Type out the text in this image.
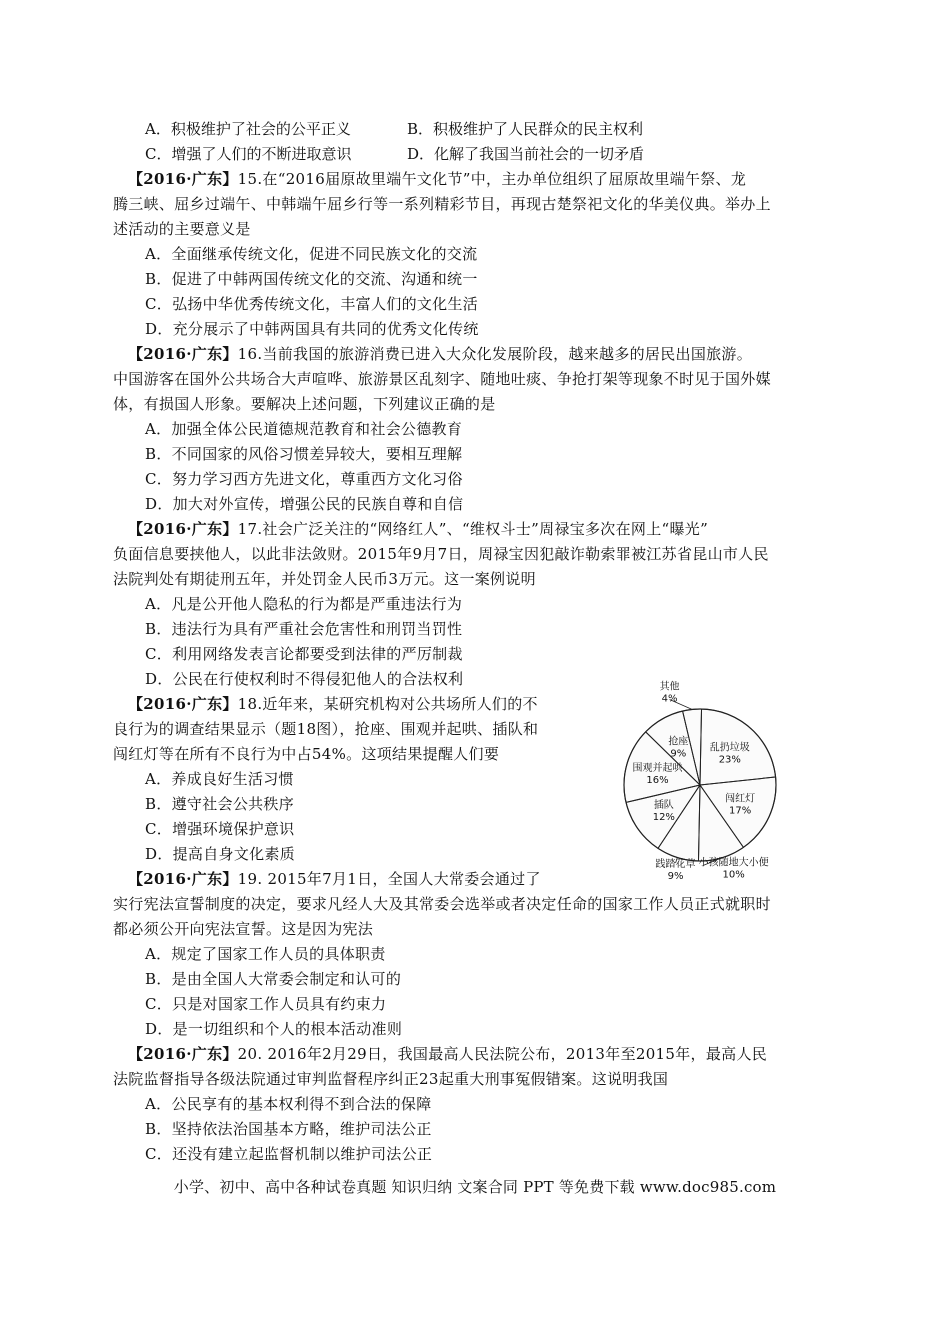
A．积极维护了社会的公平正义	B．积极维护了人民群众的民主权利
C．增强了人们的不断进取意识	D．化解了我国当前社会的一切矛盾
【2016·广东】15.在“2016届原故里端午文化节”中，主办单位组织了屈原故里端午祭、龙
腾三峡、屈乡过端午、中韩端午屈乡行等一系列精彩节目，再现古楚祭祀文化的华美仪典。举办上
述活动的主要意义是
A．全面继承传统文化，促进不同民族文化的交流
B．促进了中韩两国传统文化的交流、沟通和统一
C．弘扬中华优秀传统文化，丰富人们的文化生活
D．充分展示了中韩两国具有共同的优秀文化传统
【2016·广东】16.当前我国的旅游消费已进入大众化发展阶段，越来越多的居民出国旅游。
中国游客在国外公共场合大声喧哗、旅游景区乱刻字、随地吐痰、争抢打架等现象不时见于国外媒
体，有损国人形象。要解决上述问题，下列建议正确的是
A．加强全体公民道德规范教育和社会公德教育
B．不同国家的风俗习惯差异较大，要相互理解
C．努力学习西方先进文化，尊重西方文化习俗
D．加大对外宣传，增强公民的民族自尊和自信
【2016·广东】17.社会广泛关注的“网络红人”、“维权斗士”周禄宝多次在网上“曝光”
负面信息要挟他人，以此非法敛财。2015年9月7日，周禄宝因犯敲诈勒索罪被江苏省昆山市人民
法院判处有期徒刑五年，并处罚金人民币3万元。这一案例说明
A．凡是公开他人隐私的行为都是严重违法行为
B．违法行为具有严重社会危害性和刑罚当罚性
C．利用网络发表言论都要受到法律的严厉制裁
D．公民在行使权利时不得侵犯他人的合法权利
【2016·广东】18.近年来，某研究机构对公共场所人们的不
良行为的调查结果显示（题18图），抢座、围观并起哄、插队和
闯红灯等在所有不良行为中占54%。这项结果提醒人们要
A．养成良好生活习惯
B．遵守社会公共秩序
C．增强环境保护意识
D．提高自身文化素质
乱扔垃圾
23%
闯红灯
17%
小孩随地大小便
10%
践踏花草
9%
插队
12%
围观并起哄
16%
抢座
9%
其他
4%
【2016·广东】19. 2015年7月1日，全国人大常委会通过了
实行宪法宣誓制度的决定，要求凡经人大及其常委会选举或者决定任命的国家工作人员正式就职时
都必须公开向宪法宣誓。这是因为宪法
A．规定了国家工作人员的具体职责
B．是由全国人大常委会制定和认可的
C．只是对国家工作人员具有约束力
D．是一切组织和个人的根本活动准则
【2016·广东】20. 2016年2月29日，我国最高人民法院公布，2013年至2015年，最高人民
法院监督指导各级法院通过审判监督程序纠正23起重大刑事冤假错案。这说明我国
A．公民享有的基本权利得不到合法的保障
B．坚持依法治国基本方略，维护司法公正
C．还没有建立起监督机制以维护司法公正
小学、初中、高中各种试卷真题 知识归纳 文案合同 PPT 等免费下载 www.doc985.com
